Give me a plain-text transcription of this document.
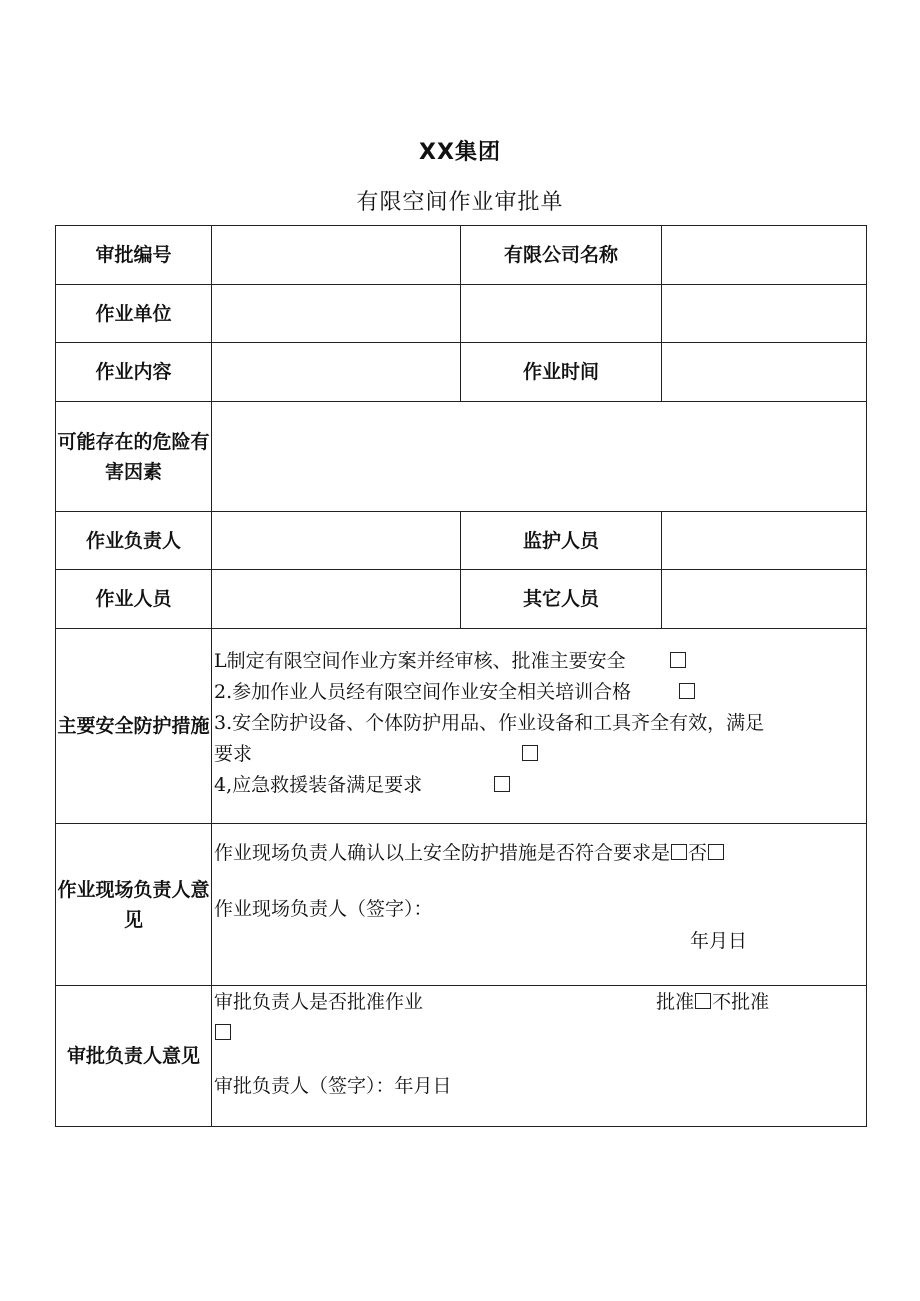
XX集团
有限空间作业审批单
审批编号		有限公司名称	
作业单位			
作业内容		作业时间	
可能存在的危险有害因素			
作业负责人		监护人员	
作业人员		其它人员	
主要安全防护措施	L制定有限空间作业方案并经审核、批准主要安全
2.参加作业人员经有限空间作业安全相关培训合格
3.安全防护设备、个体防护用品、作业设备和工具齐全有效，满足
要求
4,应急救援装备满足要求		

作业现场负责人意见	作业现场负责人确认以上安全防护措施是否符合要求是 否
作业现场负责人（签字）：
年月日		

审批负责人意见	审批负责人是否批准作业 批准 不批准
审批负责人（签字）：年月日		
